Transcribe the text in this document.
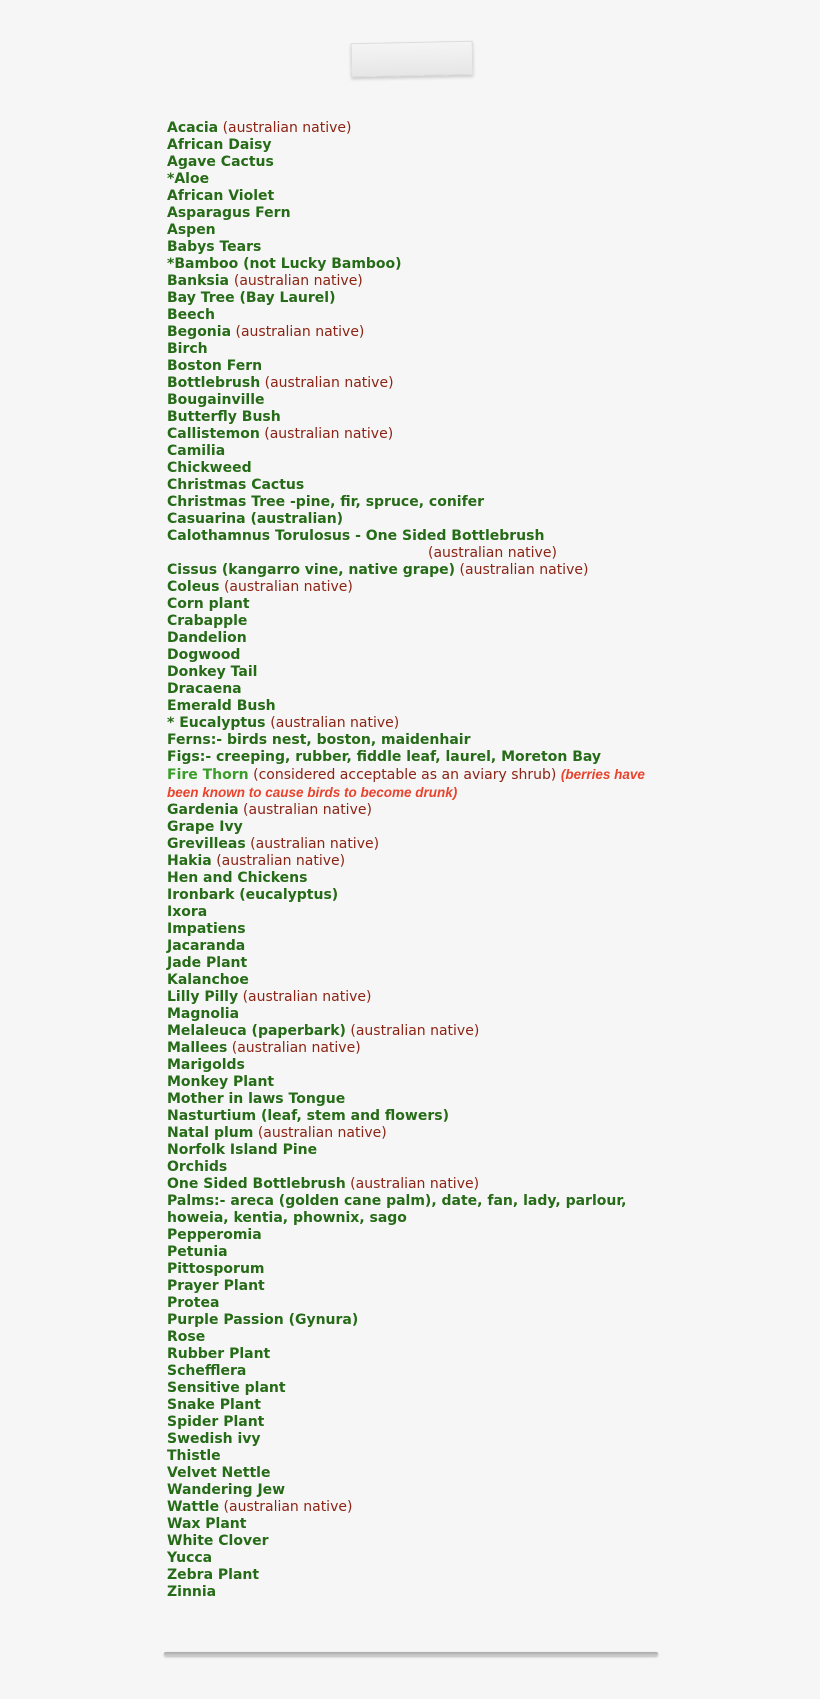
Acacia (australian native)
African Daisy
Agave Cactus
*Aloe
African Violet
Asparagus Fern
Aspen
Babys Tears
*Bamboo (not Lucky Bamboo)
Banksia (australian native)
Bay Tree (Bay Laurel)
Beech
Begonia (australian native)
Birch
Boston Fern
Bottlebrush (australian native)
Bougainville
Butterfly Bush
Callistemon (australian native)
Camilia
Chickweed
Christmas Cactus
Christmas Tree -pine, fir, spruce, conifer
Casuarina (australian)
Calothamnus Torulosus - One Sided Bottlebrush
(australian native)
Cissus (kangarro vine, native grape) (australian native)
Coleus (australian native)
Corn plant
Crabapple
Dandelion
Dogwood
Donkey Tail
Dracaena
Emerald Bush
* Eucalyptus (australian native)
Ferns:- birds nest, boston, maidenhair
Figs:- creeping, rubber, fiddle leaf, laurel, Moreton Bay
Fire Thorn (considered acceptable as an aviary shrub) (berries have been known to cause birds to become drunk)
Gardenia (australian native)
Grape Ivy
Grevilleas (australian native)
Hakia (australian native)
Hen and Chickens
Ironbark (eucalyptus)
Ixora
Impatiens
Jacaranda
Jade Plant
Kalanchoe
Lilly Pilly (australian native)
Magnolia
Melaleuca (paperbark) (australian native)
Mallees (australian native)
Marigolds
Monkey Plant
Mother in laws Tongue
Nasturtium (leaf, stem and flowers)
Natal plum (australian native)
Norfolk Island Pine
Orchids
One Sided Bottlebrush (australian native)
Palms:- areca (golden cane palm), date, fan, lady, parlour, howeia, kentia, phownix, sago
Pepperomia
Petunia
Pittosporum
Prayer Plant
Protea
Purple Passion (Gynura)
Rose
Rubber Plant
Schefflera
Sensitive plant
Snake Plant
Spider Plant
Swedish ivy
Thistle
Velvet Nettle
Wandering Jew
Wattle (australian native)
Wax Plant
White Clover
Yucca
Zebra Plant
Zinnia
